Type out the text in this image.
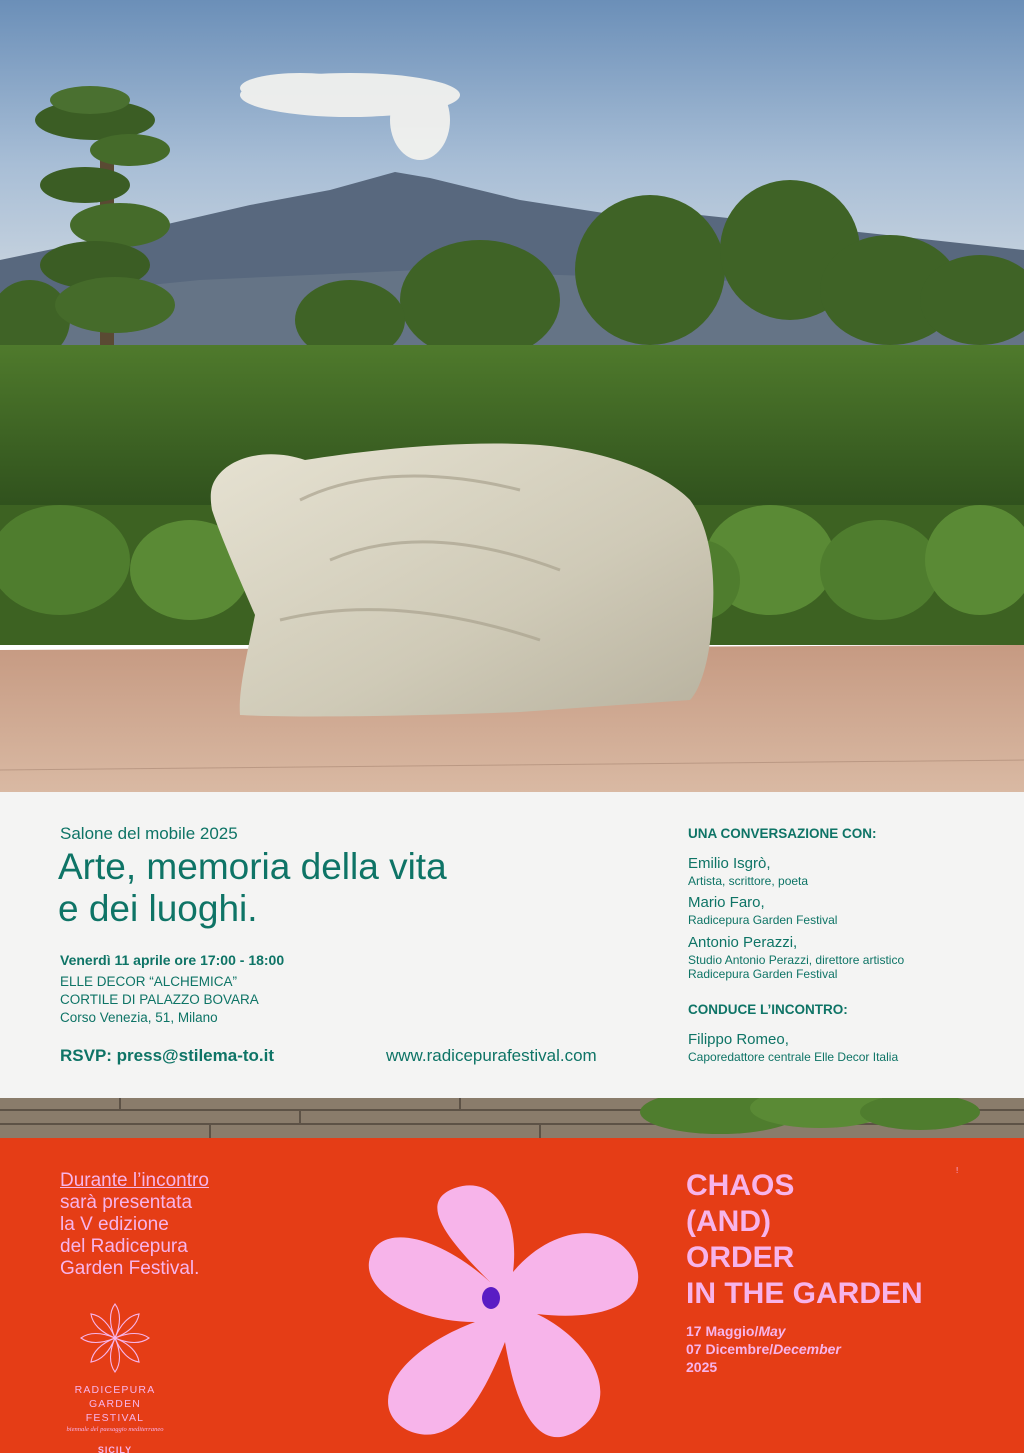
Salone del mobile 2025
Arte, memoria della vita
e dei luoghi.
Venerdì 11 aprile ore 17:00 - 18:00
ELLE DECOR “ALCHEMICA”
CORTILE DI PALAZZO BOVARA
Corso Venezia, 51, Milano
RSVP: press@stilema-to.it	www.radicepurafestival.com
UNA CONVERSAZIONE CON:
Emilio Isgrò,
Artista, scrittore, poeta
Mario Faro,
Radicepura Garden Festival
Antonio Perazzi,
Studio Antonio Perazzi, direttore artistico
Radicepura Garden Festival
CONDUCE L’INCONTRO:
Filippo Romeo,
Caporedattore centrale Elle Decor Italia
Durante l’incontro
sarà presentata
la V edizione
del Radicepura
Garden Festival.
RADICEPURA
GARDEN FESTIVAL
biennale del paesaggio mediterraneo
SICILY
!
CHAOS
(AND)
ORDER
IN THE GARDEN
17 Maggio/May
07 Dicembre/December
2025
